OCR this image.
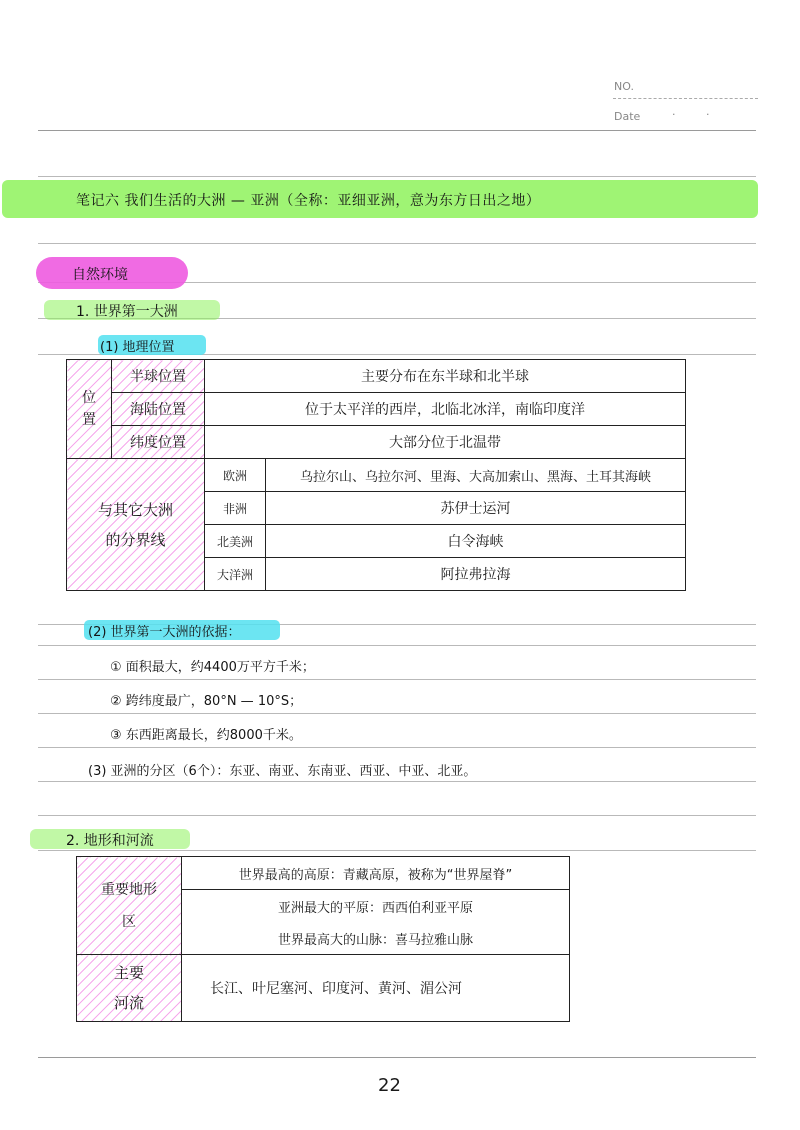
NO.
Date	·	·
笔记六 我们生活的大洲 — 亚洲（全称：亚细亚洲，意为东方日出之地）
自然环境
1. 世界第一大洲
(1) 地理位置
位置	半球位置	主要分布在东半球和北半球	
	海陆位置	位于太平洋的西岸，北临北冰洋，南临印度洋	
	纬度位置	大部分位于北温带	
与其它大洲的分界线		欧洲	乌拉尔山、乌拉尔河、里海、大高加索山、黑海、土耳其海峡
		非洲	苏伊士运河
		北美洲	白令海峡
		大洋洲	阿拉弗拉海
(2) 世界第一大洲的依据：
① 面积最大，约4400万平方千米；
② 跨纬度最广，80°N — 10°S；
③ 东西距离最长，约8000千米。
(3) 亚洲的分区（6个）：东亚、南亚、东南亚、西亚、中亚、北亚。
2. 地形和河流
重要地形区	世界最高的高原：青藏高原，被称为“世界屋脊”
	亚洲最大的平原：西西伯利亚平原
	世界最高大的山脉：喜马拉雅山脉
主要河流	长江、叶尼塞河、印度河、黄河、湄公河
22
